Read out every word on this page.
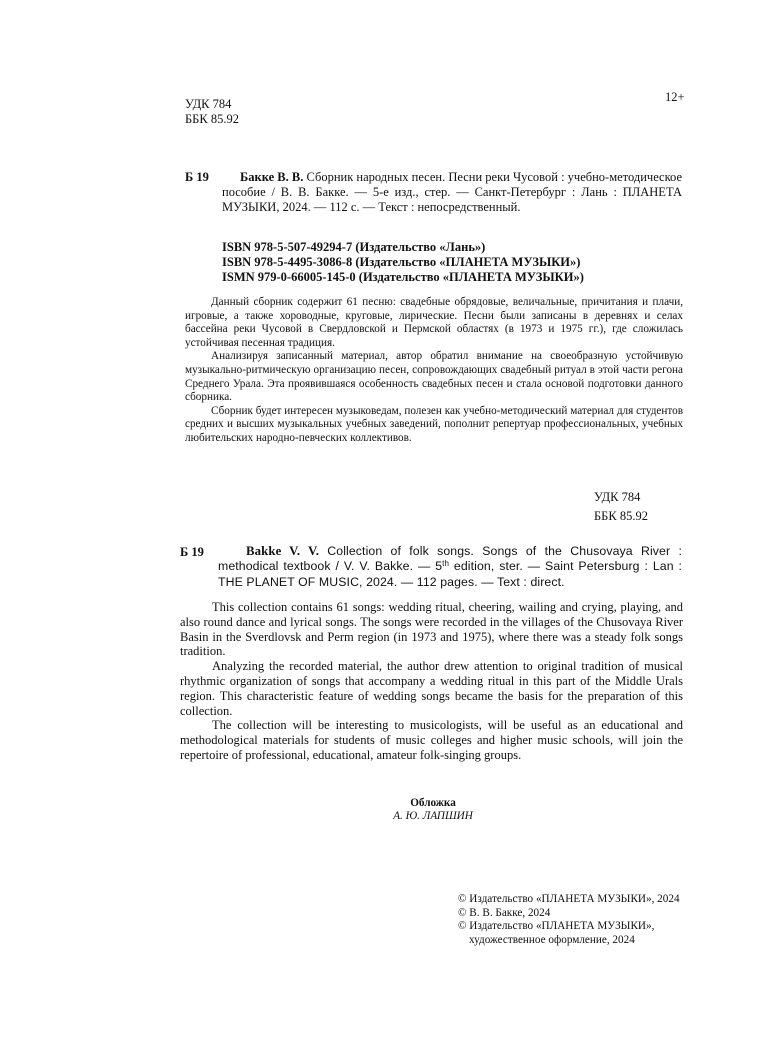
УДК 784
ББК 85.92
12+
Б 19	Бакке В. В. Сборник народных песен. Песни реки Чусовой : учебно-методическое пособие / В. В. Бакке. — 5-е изд., стер. — Санкт-Петербург : Лань : ПЛАНЕТА МУЗЫКИ, 2024. — 112 с. — Текст : непосредственный.
ISBN 978-5-507-49294-7 (Издательство «Лань»)
ISBN 978-5-4495-3086-8 (Издательство «ПЛАНЕТА МУЗЫКИ»)
ISMN 979-0-66005-145-0 (Издательство «ПЛАНЕТА МУЗЫКИ»)

Данный сборник содержит 61 песню: свадебные обрядовые, величальные, причитания и плачи, игровые, а также хороводные, круговые, лирические. Песни были записаны в деревнях и селах бассейна реки Чусовой в Свердловской и Пермской областях (в 1973 и 1975 гг.), где сложилась устойчивая песенная традиция.

Анализируя записанный материал, автор обратил внимание на своеобразную устойчивую музыкально-ритмическую организацию песен, сопровождающих свадебный ритуал в этой части регона Среднего Урала. Эта проявившаяся особенность свадебных песен и стала основой подготовки данного сборника.

Сборник будет интересен музыковедам, полезен как учебно-методический материал для студентов средних и высших музыкальных учебных заведений, пополнит репертуар профессиональных, учебных любительских народно-певческих коллективов.

УДК 784
ББК 85.92
Б 19	Bakke V. V. Collection of folk songs. Songs of the Chusovaya River : methodical textbook / V. V. Bakke. — 5th edition, ster. — Saint Petersburg : Lan : THE PLANET OF MUSIC, 2024. — 112 pages. — Text : direct.

This collection contains 61 songs: wedding ritual, cheering, wailing and crying, playing, and also round dance and lyrical songs. The songs were recorded in the villages of the Chusovaya River Basin in the Sverdlovsk and Perm region (in 1973 and 1975), where there was a steady folk songs tradition.

Analyzing the recorded material, the author drew attention to original tradition of musical rhythmic organization of songs that accompany a wedding ritual in this part of the Middle Urals region. This characteristic feature of wedding songs became the basis for the preparation of this collection.

The collection will be interesting to musicologists, will be useful as an educational and methodological materials for students of music colleges and higher music schools, will join the repertoire of professional, educational, amateur folk-singing groups.

Обложка
А. Ю. ЛАПШИН
© Издательство «ПЛАНЕТА МУЗЫКИ», 2024
© В. В. Бакке, 2024
© Издательство «ПЛАНЕТА МУЗЫКИ»,
художественное оформление, 2024
